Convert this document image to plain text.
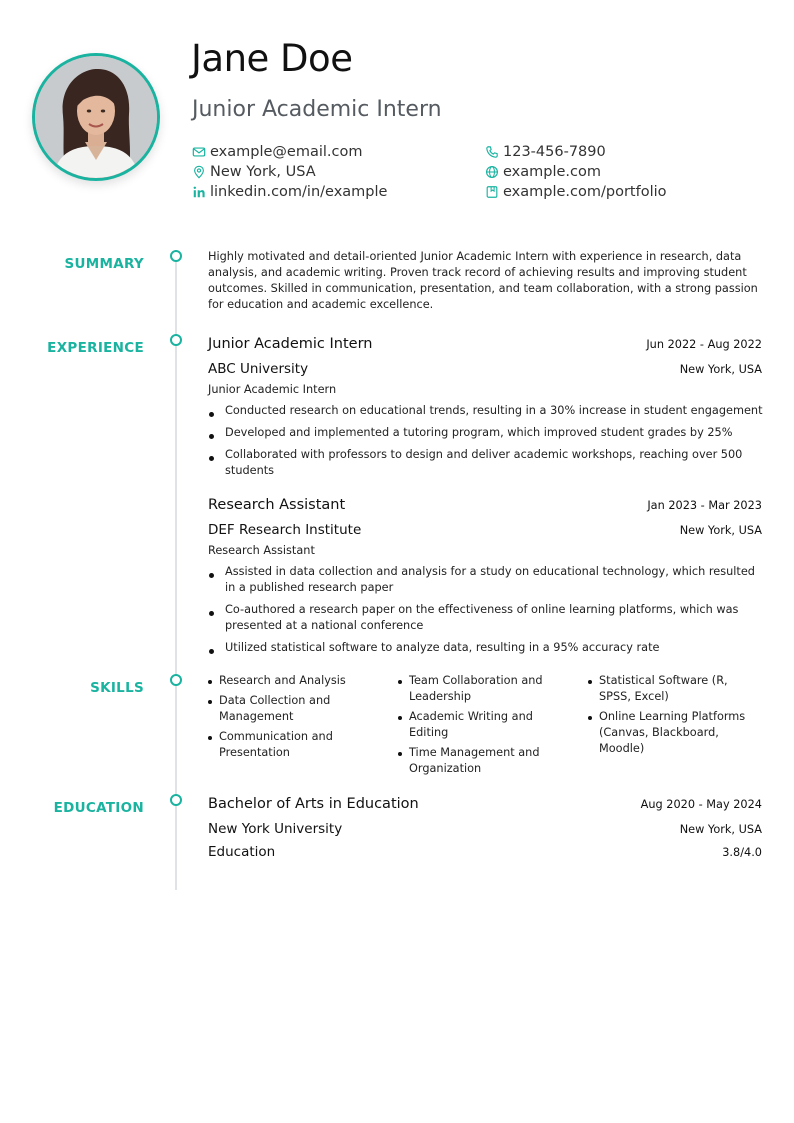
Jane Doe
Junior Academic Intern
example@email.com	123-456-7890
New York, USA	example.com
linkedin.com/in/example	example.com/portfolio
SUMMARY
EXPERIENCE
SKILLS
EDUCATION

Highly motivated and detail-oriented Junior Academic Intern with experience in research, data analysis, and academic writing. Proven track record of achieving results and improving student outcomes. Skilled in communication, presentation, and team collaboration, with a strong passion for education and academic excellence.

Junior Academic Intern	Jun 2022 - Aug 2022
ABC University	New York, USA
Junior Academic Intern
Conducted research on educational trends, resulting in a 30% increase in student engagement
Developed and implemented a tutoring program, which improved student grades by 25%
Collaborated with professors to design and deliver academic workshops, reaching over 500 students
Research Assistant	Jan 2023 - Mar 2023
DEF Research Institute	New York, USA
Research Assistant
Assisted in data collection and analysis for a study on educational technology, which resulted in a published research paper
Co-authored a research paper on the effectiveness of online learning platforms, which was presented at a national conference
Utilized statistical software to analyze data, resulting in a 95% accuracy rate
Research and Analysis
Data Collection and Management
Communication and Presentation
Team Collaboration and Leadership
Academic Writing and Editing
Time Management and Organization
Statistical Software (R, SPSS, Excel)
Online Learning Platforms (Canvas, Blackboard, Moodle)
Bachelor of Arts in Education	Aug 2020 - May 2024
New York University	New York, USA
Education	3.8/4.0
